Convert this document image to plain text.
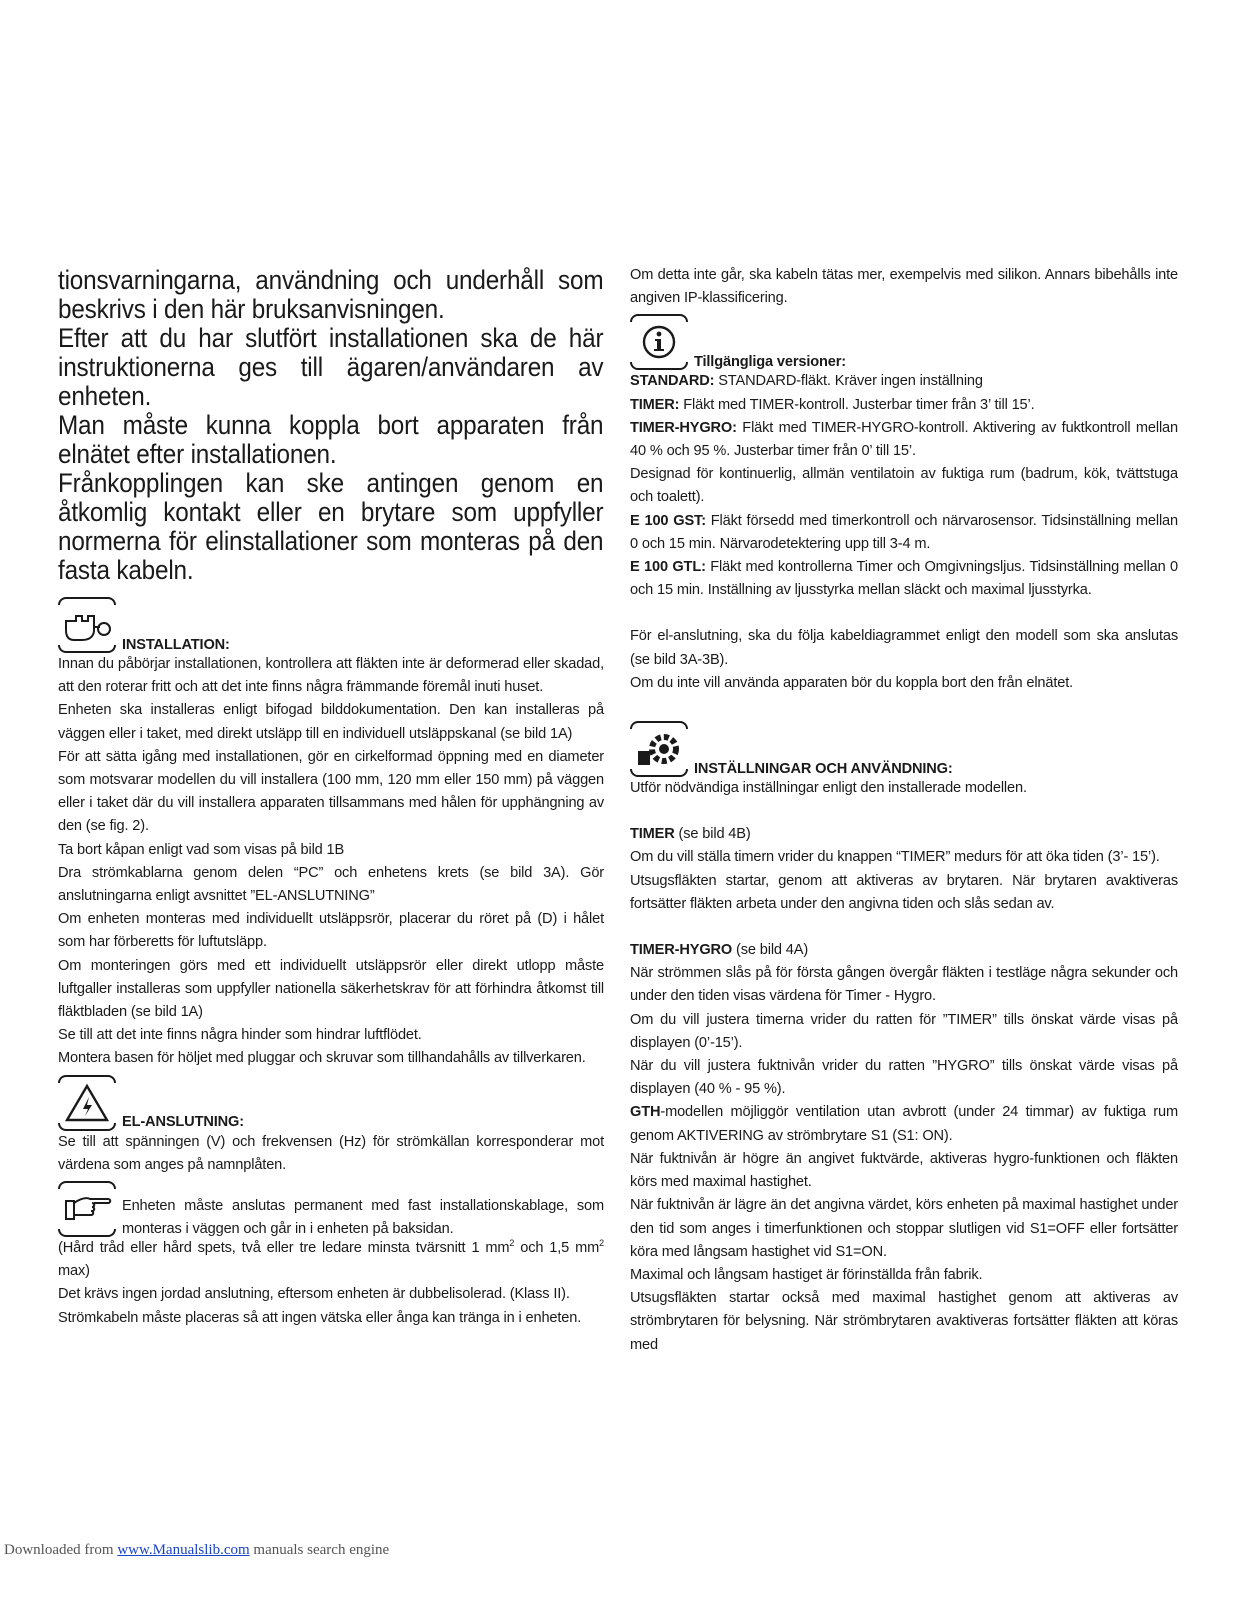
tionsvarningarna, användning och underhåll som beskrivs i den här bruksanvisningen.
Efter att du har slutfört installationen ska de här instruktionerna ges till ägaren/användaren av enheten.
Man måste kunna koppla bort apparaten från elnätet efter installationen.
Frånkopplingen kan ske antingen genom en åtkomlig kontakt eller en brytare som uppfyller normerna för elinstallationer som monteras på den fasta kabeln.
INSTALLATION:
Innan du påbörjar installationen, kontrollera att fläkten inte är deformerad eller skadad, att den roterar fritt och att det inte finns några främmande föremål inuti huset.
Enheten ska installeras enligt bifogad bilddokumentation. Den kan installeras på väggen eller i taket, med direkt utsläpp till en individuell utsläppskanal (se bild 1A)
För att sätta igång med installationen, gör en cirkelformad öppning med en diameter som motsvarar modellen du vill installera (100 mm, 120 mm eller 150 mm) på väggen eller i taket där du vill installera apparaten tillsammans med hålen för upphängning av den (se fig. 2).
Ta bort kåpan enligt vad som visas på bild 1B
Dra strömkablarna genom delen “PC” och enhetens krets (se bild 3A). Gör anslutningarna enligt avsnittet ”EL-ANSLUTNING”
Om enheten monteras med individuellt utsläppsrör, placerar du röret på (D) i hålet som har förberetts för luftutsläpp.
Om monteringen görs med ett individuellt utsläppsrör eller direkt utlopp måste luftgaller installeras som uppfyller nationella säkerhetskrav för att förhindra åtkomst till fläktbladen (se bild 1A)
Se till att det inte finns några hinder som hindrar luftflödet.
Montera basen för höljet med pluggar och skruvar som tillhandahålls av tillverkaren.
EL-ANSLUTNING:
Se till att spänningen (V) och frekvensen (Hz) för strömkällan korresponderar mot värdena som anges på namnplåten.
Enheten måste anslutas permanent med fast installationskablage, som monteras i väggen och går in i enheten på baksidan.
(Hård tråd eller hård spets, två eller tre ledare minsta tvärsnitt 1 $mm^2$ och 1,5 $mm^2$ max)
Det krävs ingen jordad anslutning, eftersom enheten är dubbelisolerad. (Klass II).
Strömkabeln måste placeras så att ingen vätska eller ånga kan tränga in i enheten.
Om detta inte går, ska kabeln tätas mer, exempelvis med silikon. Annars bibehålls inte angiven IP-klassificering.
Tillgängliga versioner:
STANDARD: STANDARD-fläkt. Kräver ingen inställning
TIMER: Fläkt med TIMER-kontroll. Justerbar timer från 3’ till 15’.
TIMER-HYGRO: Fläkt med TIMER-HYGRO-kontroll. Aktivering av fuktkontroll mellan 40 % och 95 %. Justerbar timer från 0’ till 15’.
Designad för kontinuerlig, allmän ventilatoin av fuktiga rum (badrum, kök, tvättstuga och toalett).
E 100 GST: Fläkt försedd med timerkontroll och närvarosensor. Tidsinställning mellan 0 och 15 min. Närvarodetektering upp till 3-4 m.
E 100 GTL: Fläkt med kontrollerna Timer och Omgivningsljus. Tidsinställning mellan 0 och 15 min. Inställning av ljusstyrka mellan släckt och maximal ljusstyrka.
För el-anslutning, ska du följa kabeldiagrammet enligt den modell som ska anslutas (se bild 3A-3B).
Om du inte vill använda apparaten bör du koppla bort den från elnätet.
INSTÄLLNINGAR OCH ANVÄNDNING:
Utför nödvändiga inställningar enligt den installerade modellen.
TIMER (se bild 4B)
Om du vill ställa timern vrider du knappen “TIMER” medurs för att öka tiden (3’- 15’).
Utsugsfläkten startar, genom att aktiveras av brytaren. När brytaren avaktiveras fortsätter fläkten arbeta under den angivna tiden och slås sedan av.
TIMER-HYGRO (se bild 4A)
När strömmen slås på för första gången övergår fläkten i testläge några sekunder och under den tiden visas värdena för Timer - Hygro.
Om du vill justera timerna vrider du ratten för ”TIMER” tills önskat värde visas på displayen (0’-15’).
När du vill justera fuktnivån vrider du ratten ”HYGRO” tills önskat värde visas på displayen (40 % - 95 %).
GTH-modellen möjliggör ventilation utan avbrott (under 24 timmar) av fuktiga rum genom AKTIVERING av strömbrytare S1 (S1: ON).
När fuktnivån är högre än angivet fuktvärde, aktiveras hygro-funktionen och fläkten körs med maximal hastighet.
När fuktnivån är lägre än det angivna värdet, körs enheten på maximal hastighet under den tid som anges i timerfunktionen och stoppar slutligen vid S1=OFF eller fortsätter köra med långsam hastighet vid S1=ON.
Maximal och långsam hastiget är förinställda från fabrik.
Utsugsfläkten startar också med maximal hastighet genom att aktiveras av strömbrytaren för belysning. När strömbrytaren avaktiveras fortsätter fläkten att köras med
Downloaded from www.Manualslib.com manuals search engine
